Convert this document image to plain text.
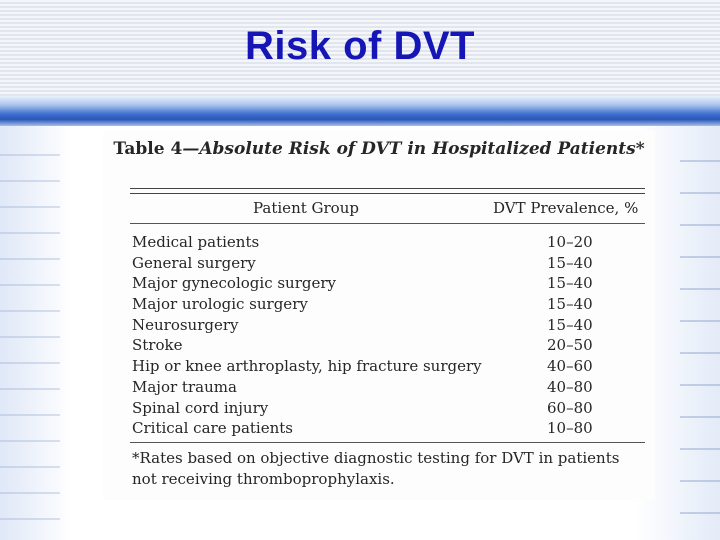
Risk of DVT
Table 4—Absolute Risk of DVT in Hospitalized Patients*
Patient Group	DVT Prevalence, %
Medical patients	10–20
General surgery	15–40
Major gynecologic surgery	15–40
Major urologic surgery	15–40
Neurosurgery	15–40
Stroke	20–50
Hip or knee arthroplasty, hip fracture surgery	40–60
Major trauma	40–80
Spinal cord injury	60–80
Critical care patients	10–80
*Rates based on objective diagnostic testing for DVT in patients not receiving thromboprophylaxis.
